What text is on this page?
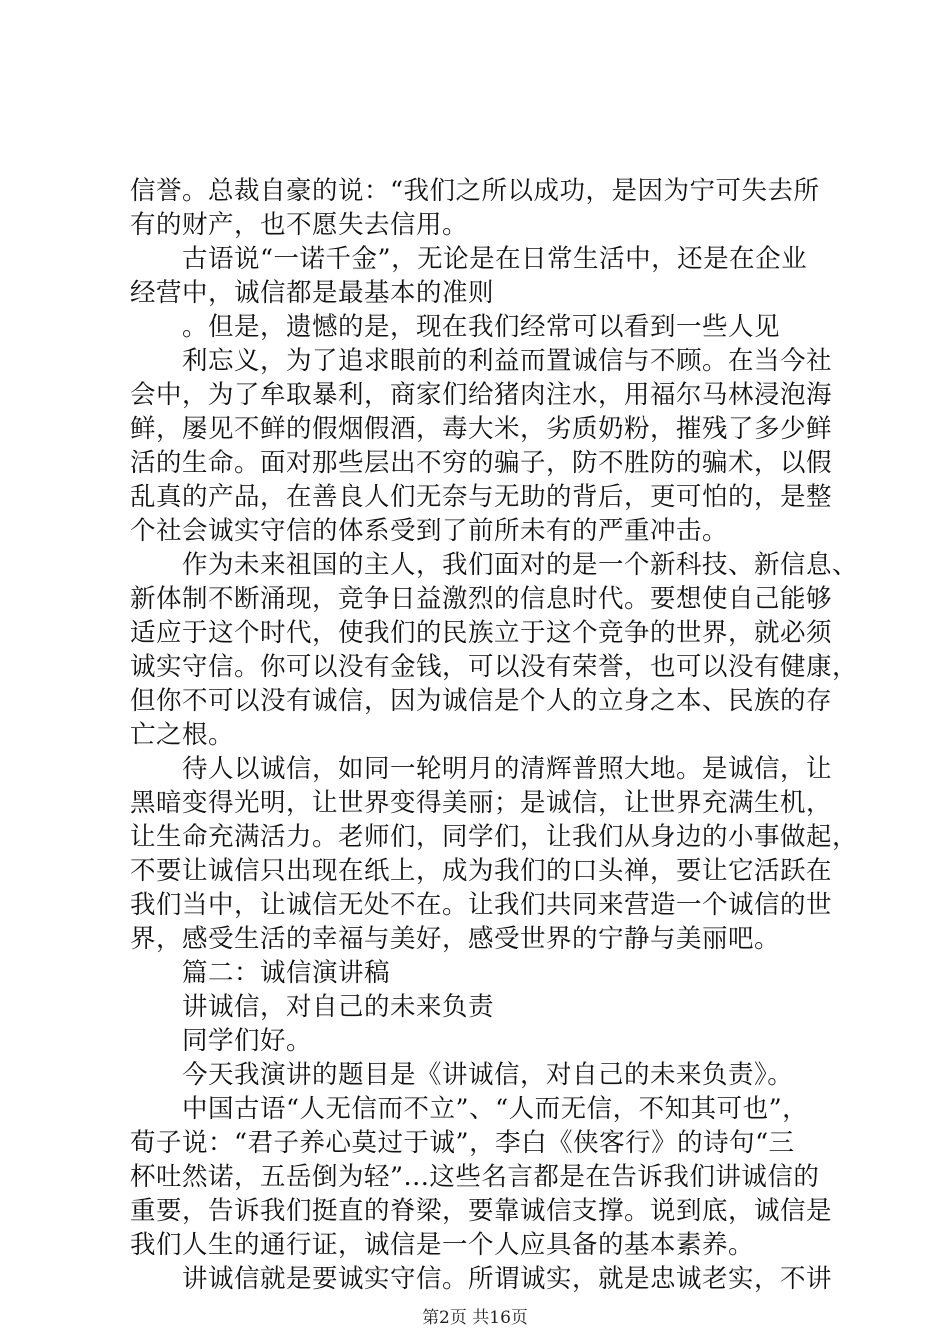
信誉。总裁自豪的说：“我们之所以成功，是因为宁可失去所
有的财产，也不愿失去信用。
古语说“一诺千金”，无论是在日常生活中，还是在企业
经营中，诚信都是最基本的准则
。但是，遗憾的是，现在我们经常可以看到一些人见
利忘义，为了追求眼前的利益而置诚信与不顾。在当今社
会中，为了牟取暴利，商家们给猪肉注水，用福尔马林浸泡海
鲜，屡见不鲜的假烟假酒，毒大米，劣质奶粉，摧残了多少鲜
活的生命。面对那些层出不穷的骗子，防不胜防的骗术，以假
乱真的产品，在善良人们无奈与无助的背后，更可怕的，是整
个社会诚实守信的体系受到了前所未有的严重冲击。
作为未来祖国的主人，我们面对的是一个新科技、新信息、
新体制不断涌现，竞争日益激烈的信息时代。要想使自己能够
适应于这个时代，使我们的民族立于这个竞争的世界，就必须
诚实守信。你可以没有金钱，可以没有荣誉，也可以没有健康，
但你不可以没有诚信，因为诚信是个人的立身之本、民族的存
亡之根。
待人以诚信，如同一轮明月的清辉普照大地。是诚信，让
黑暗变得光明，让世界变得美丽；是诚信，让世界充满生机，
让生命充满活力。老师们，同学们，让我们从身边的小事做起，
不要让诚信只出现在纸上，成为我们的口头禅，要让它活跃在
我们当中，让诚信无处不在。让我们共同来营造一个诚信的世
界，感受生活的幸福与美好，感受世界的宁静与美丽吧。
篇二：诚信演讲稿
讲诚信，对自己的未来负责
同学们好。
今天我演讲的题目是《讲诚信，对自己的未来负责》。
中国古语“人无信而不立”、“人而无信，不知其可也”，
荀子说：“君子养心莫过于诚”，李白《侠客行》的诗句“三
杯吐然诺，五岳倒为轻”...这些名言都是在告诉我们讲诚信的
重要，告诉我们挺直的脊梁，要靠诚信支撑。说到底，诚信是
我们人生的通行证，诚信是一个人应具备的基本素养。
讲诚信就是要诚实守信。所谓诚实，就是忠诚老实，不讲
第2页 共16页
